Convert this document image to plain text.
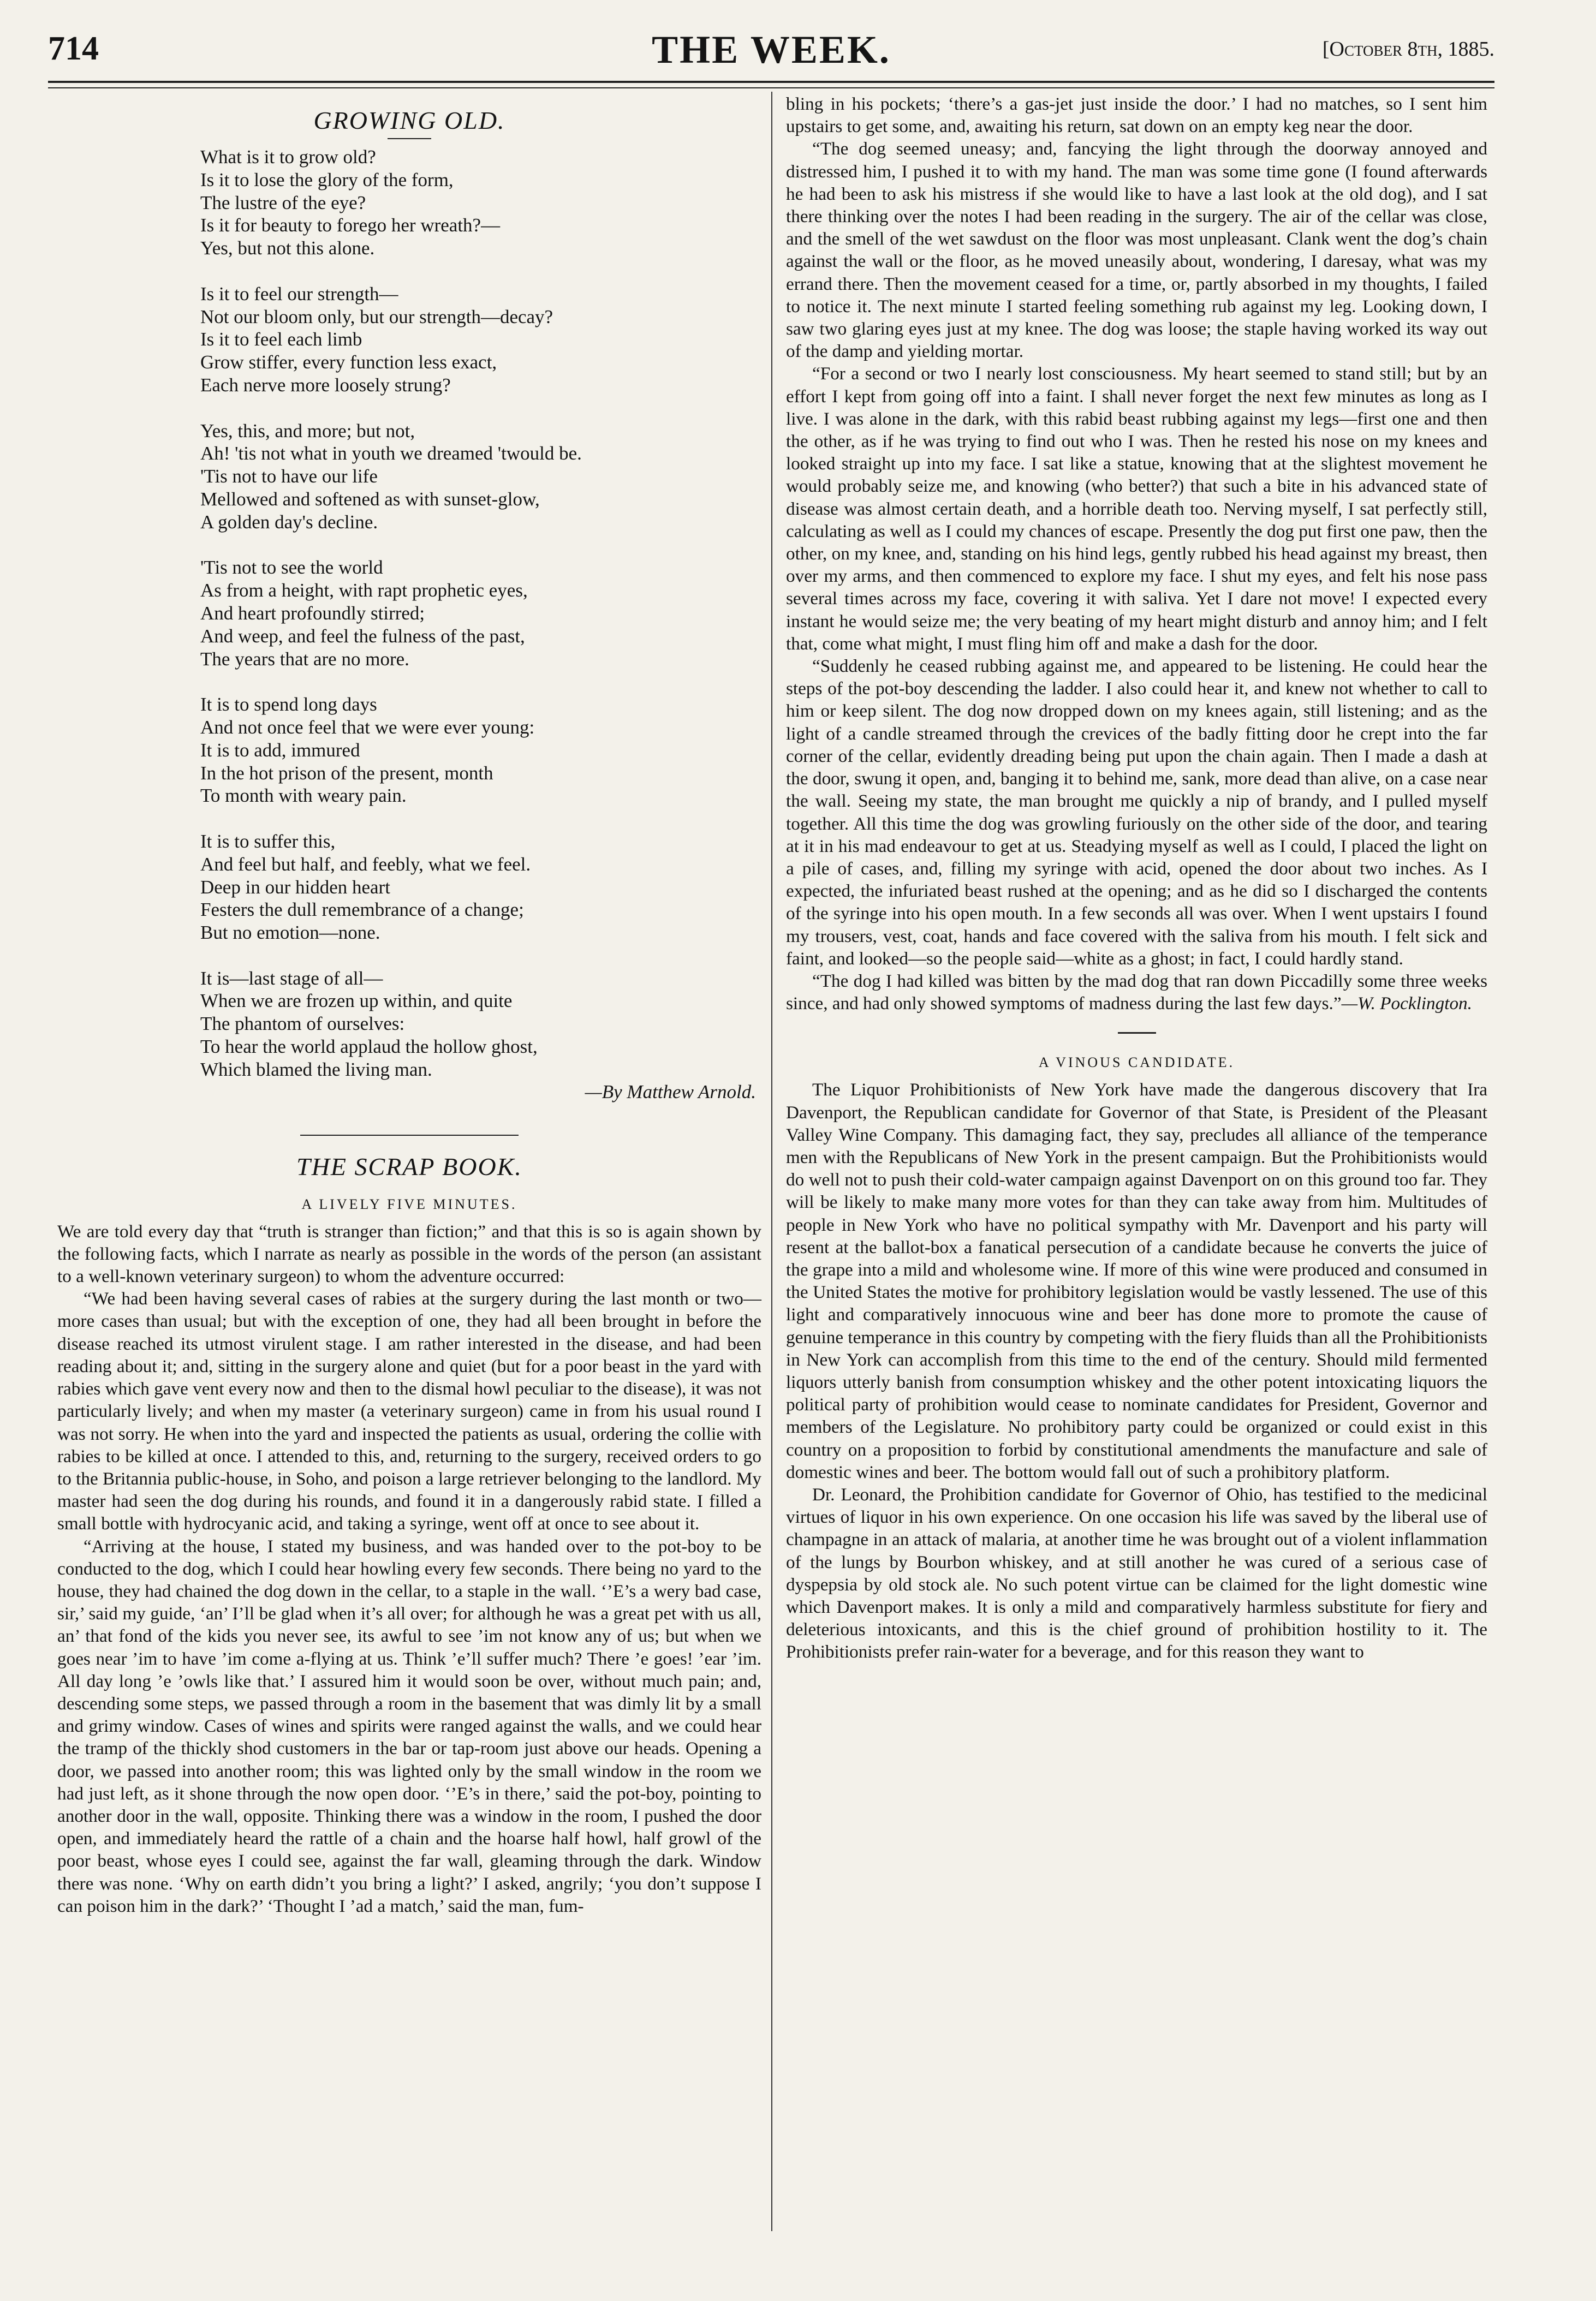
714	THE WEEK.	[October 8th, 1885.
GROWING OLD.
What is it to grow old?
Is it to lose the glory of the form,
The lustre of the eye?
Is it for beauty to forego her wreath?—
Yes, but not this alone.
Is it to feel our strength—
Not our bloom only, but our strength—decay?
Is it to feel each limb
Grow stiffer, every function less exact,
Each nerve more loosely strung?
Yes, this, and more; but not,
Ah! 'tis not what in youth we dreamed 'twould be.
'Tis not to have our life
Mellowed and softened as with sunset-glow,
A golden day's decline.
'Tis not to see the world
As from a height, with rapt prophetic eyes,
And heart profoundly stirred;
And weep, and feel the fulness of the past,
The years that are no more.
It is to spend long days
And not once feel that we were ever young:
It is to add, immured
In the hot prison of the present, month
To month with weary pain.
It is to suffer this,
And feel but half, and feebly, what we feel.
Deep in our hidden heart
Festers the dull remembrance of a change;
But no emotion—none.
It is—last stage of all—
When we are frozen up within, and quite
The phantom of ourselves:
To hear the world applaud the hollow ghost,
Which blamed the living man.
—By Matthew Arnold.
THE SCRAP BOOK.
A LIVELY FIVE MINUTES.

We are told every day that “truth is stranger than fiction;” and that this is so is again shown by the following facts, which I narrate as nearly as possible in the words of the person (an assistant to a well-known veterinary surgeon) to whom the adventure occurred:

“We had been having several cases of rabies at the surgery during the last month or two—more cases than usual; but with the exception of one, they had all been brought in before the disease reached its utmost virulent stage. I am rather interested in the disease, and had been reading about it; and, sitting in the surgery alone and quiet (but for a poor beast in the yard with rabies which gave vent every now and then to the dismal howl peculiar to the disease), it was not particularly lively; and when my master (a veterinary surgeon) came in from his usual round I was not sorry. He when into the yard and inspected the patients as usual, ordering the collie with rabies to be killed at once. I attended to this, and, returning to the surgery, received orders to go to the Britannia public-house, in Soho, and poison a large retriever belonging to the landlord. My master had seen the dog during his rounds, and found it in a dangerously rabid state. I filled a small bottle with hydrocyanic acid, and taking a syringe, went off at once to see about it.

“Arriving at the house, I stated my business, and was handed over to the pot-boy to be conducted to the dog, which I could hear howling every few seconds. There being no yard to the house, they had chained the dog down in the cellar, to a staple in the wall. ‘’E’s a wery bad case, sir,’ said my guide, ‘an’ I’ll be glad when it’s all over; for although he was a great pet with us all, an’ that fond of the kids you never see, its awful to see ’im not know any of us; but when we goes near ’im to have ’im come a-flying at us. Think ’e’ll suffer much? There ’e goes! ’ear ’im. All day long ’e ’owls like that.’ I assured him it would soon be over, without much pain; and, descending some steps, we passed through a room in the basement that was dimly lit by a small and grimy window. Cases of wines and spirits were ranged against the walls, and we could hear the tramp of the thickly shod customers in the bar or tap-room just above our heads. Opening a door, we passed into another room; this was lighted only by the small window in the room we had just left, as it shone through the now open door. ‘’E’s in there,’ said the pot-boy, pointing to another door in the wall, opposite. Thinking there was a window in the room, I pushed the door open, and immediately heard the rattle of a chain and the hoarse half howl, half growl of the poor beast, whose eyes I could see, against the far wall, gleaming through the dark. Window there was none. ‘Why on earth didn’t you bring a light?’ I asked, angrily; ‘you don’t suppose I can poison him in the dark?’ ‘Thought I ’ad a match,’ said the man, fum-

bling in his pockets; ‘there’s a gas-jet just inside the door.’ I had no matches, so I sent him upstairs to get some, and, awaiting his return, sat down on an empty keg near the door.

“The dog seemed uneasy; and, fancying the light through the doorway annoyed and distressed him, I pushed it to with my hand. The man was some time gone (I found afterwards he had been to ask his mistress if she would like to have a last look at the old dog), and I sat there thinking over the notes I had been reading in the surgery. The air of the cellar was close, and the smell of the wet sawdust on the floor was most unpleasant. Clank went the dog’s chain against the wall or the floor, as he moved uneasily about, wondering, I daresay, what was my errand there. Then the movement ceased for a time, or, partly absorbed in my thoughts, I failed to notice it. The next minute I started feeling something rub against my leg. Looking down, I saw two glaring eyes just at my knee. The dog was loose; the staple having worked its way out of the damp and yielding mortar.

“For a second or two I nearly lost consciousness. My heart seemed to stand still; but by an effort I kept from going off into a faint. I shall never forget the next few minutes as long as I live. I was alone in the dark, with this rabid beast rubbing against my legs—first one and then the other, as if he was trying to find out who I was. Then he rested his nose on my knees and looked straight up into my face. I sat like a statue, knowing that at the slightest movement he would probably seize me, and knowing (who better?) that such a bite in his advanced state of disease was almost certain death, and a horrible death too. Nerving myself, I sat perfectly still, calculating as well as I could my chances of escape. Presently the dog put first one paw, then the other, on my knee, and, standing on his hind legs, gently rubbed his head against my breast, then over my arms, and then commenced to explore my face. I shut my eyes, and felt his nose pass several times across my face, covering it with saliva. Yet I dare not move! I expected every instant he would seize me; the very beating of my heart might disturb and annoy him; and I felt that, come what might, I must fling him off and make a dash for the door.

“Suddenly he ceased rubbing against me, and appeared to be listening. He could hear the steps of the pot-boy descending the ladder. I also could hear it, and knew not whether to call to him or keep silent. The dog now dropped down on my knees again, still listening; and as the light of a candle streamed through the crevices of the badly fitting door he crept into the far corner of the cellar, evidently dreading being put upon the chain again. Then I made a dash at the door, swung it open, and, banging it to behind me, sank, more dead than alive, on a case near the wall. Seeing my state, the man brought me quickly a nip of brandy, and I pulled myself together. All this time the dog was growling furiously on the other side of the door, and tearing at it in his mad endeavour to get at us. Steadying myself as well as I could, I placed the light on a pile of cases, and, filling my syringe with acid, opened the door about two inches. As I expected, the infuriated beast rushed at the opening; and as he did so I discharged the contents of the syringe into his open mouth. In a few seconds all was over. When I went upstairs I found my trousers, vest, coat, hands and face covered with the saliva from his mouth. I felt sick and faint, and looked—so the people said—white as a ghost; in fact, I could hardly stand.

“The dog I had killed was bitten by the mad dog that ran down Piccadilly some three weeks since, and had only showed symptoms of madness during the last few days.”—W. Pocklington.

A VINOUS CANDIDATE.

The Liquor Prohibitionists of New York have made the dangerous discovery that Ira Davenport, the Republican candidate for Governor of that State, is President of the Pleasant Valley Wine Company. This damaging fact, they say, precludes all alliance of the temperance men with the Republicans of New York in the present campaign. But the Prohibitionists would do well not to push their cold-water campaign against Davenport on on this ground too far. They will be likely to make many more votes for than they can take away from him. Multitudes of people in New York who have no political sympathy with Mr. Davenport and his party will resent at the ballot-box a fanatical persecution of a candidate because he converts the juice of the grape into a mild and wholesome wine. If more of this wine were produced and consumed in the United States the motive for prohibitory legislation would be vastly lessened. The use of this light and comparatively innocuous wine and beer has done more to promote the cause of genuine temperance in this country by competing with the fiery fluids than all the Prohibitionists in New York can accomplish from this time to the end of the century. Should mild fermented liquors utterly banish from consumption whiskey and the other potent intoxicating liquors the political party of prohibition would cease to nominate candidates for President, Governor and members of the Legislature. No prohibitory party could be organized or could exist in this country on a proposition to forbid by constitutional amendments the manufacture and sale of domestic wines and beer. The bottom would fall out of such a prohibitory platform.

Dr. Leonard, the Prohibition candidate for Governor of Ohio, has testified to the medicinal virtues of liquor in his own experience. On one occasion his life was saved by the liberal use of champagne in an attack of malaria, at another time he was brought out of a violent inflammation of the lungs by Bourbon whiskey, and at still another he was cured of a serious case of dyspepsia by old stock ale. No such potent virtue can be claimed for the light domestic wine which Davenport makes. It is only a mild and comparatively harmless substitute for fiery and deleterious intoxicants, and this is the chief ground of prohibition hostility to it. The Prohibitionists prefer rain-water for a beverage, and for this reason they want to
